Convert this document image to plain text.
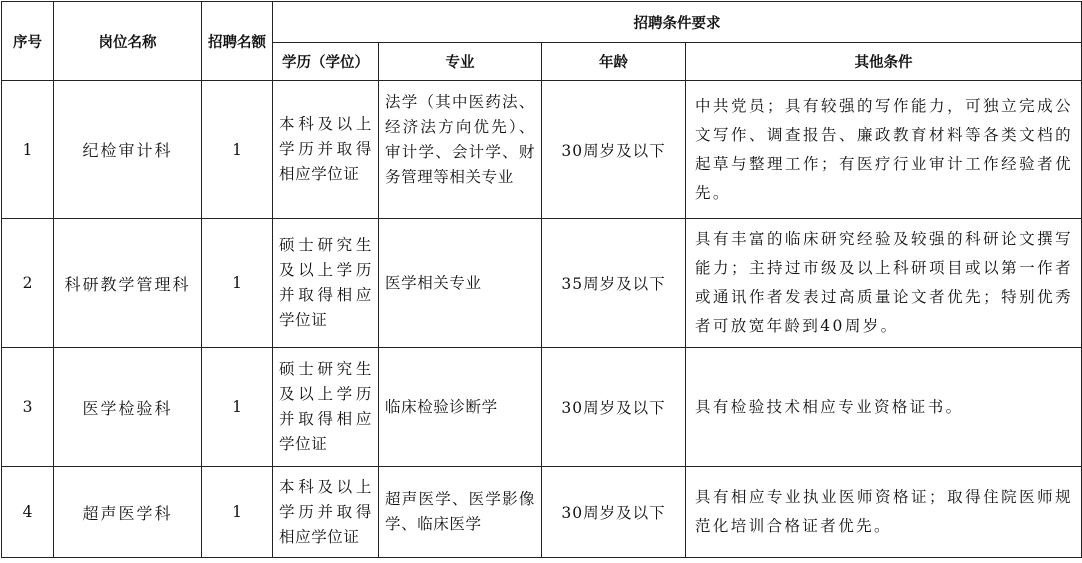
序号	岗位名称	招聘名额	招聘条件要求			
			学历（学位）	专业	年龄	其他条件
1	纪检审计科	1	本科及以上学历并取得相应学位证	法学（其中医药法、经济法方向优先）、审计学、会计学、财务管理等相关专业	30周岁及以下	中共党员；具有较强的写作能力，可独立完成公文写作、调查报告、廉政教育材料等各类文档的起草与整理工作；有医疗行业审计工作经验者优先。
2	科研教学管理科	1	硕士研究生及以上学历并取得相应学位证	医学相关专业	35周岁及以下	具有丰富的临床研究经验及较强的科研论文撰写能力；主持过市级及以上科研项目或以第一作者或通讯作者发表过高质量论文者优先；特别优秀者可放宽年龄到40周岁。
3	医学检验科	1	硕士研究生及以上学历并取得相应学位证	临床检验诊断学	30周岁及以下	具有检验技术相应专业资格证书。
4	超声医学科	1	本科及以上学历并取得相应学位证	超声医学、医学影像学、临床医学	30周岁及以下	具有相应专业执业医师资格证；取得住院医师规范化培训合格证者优先。
